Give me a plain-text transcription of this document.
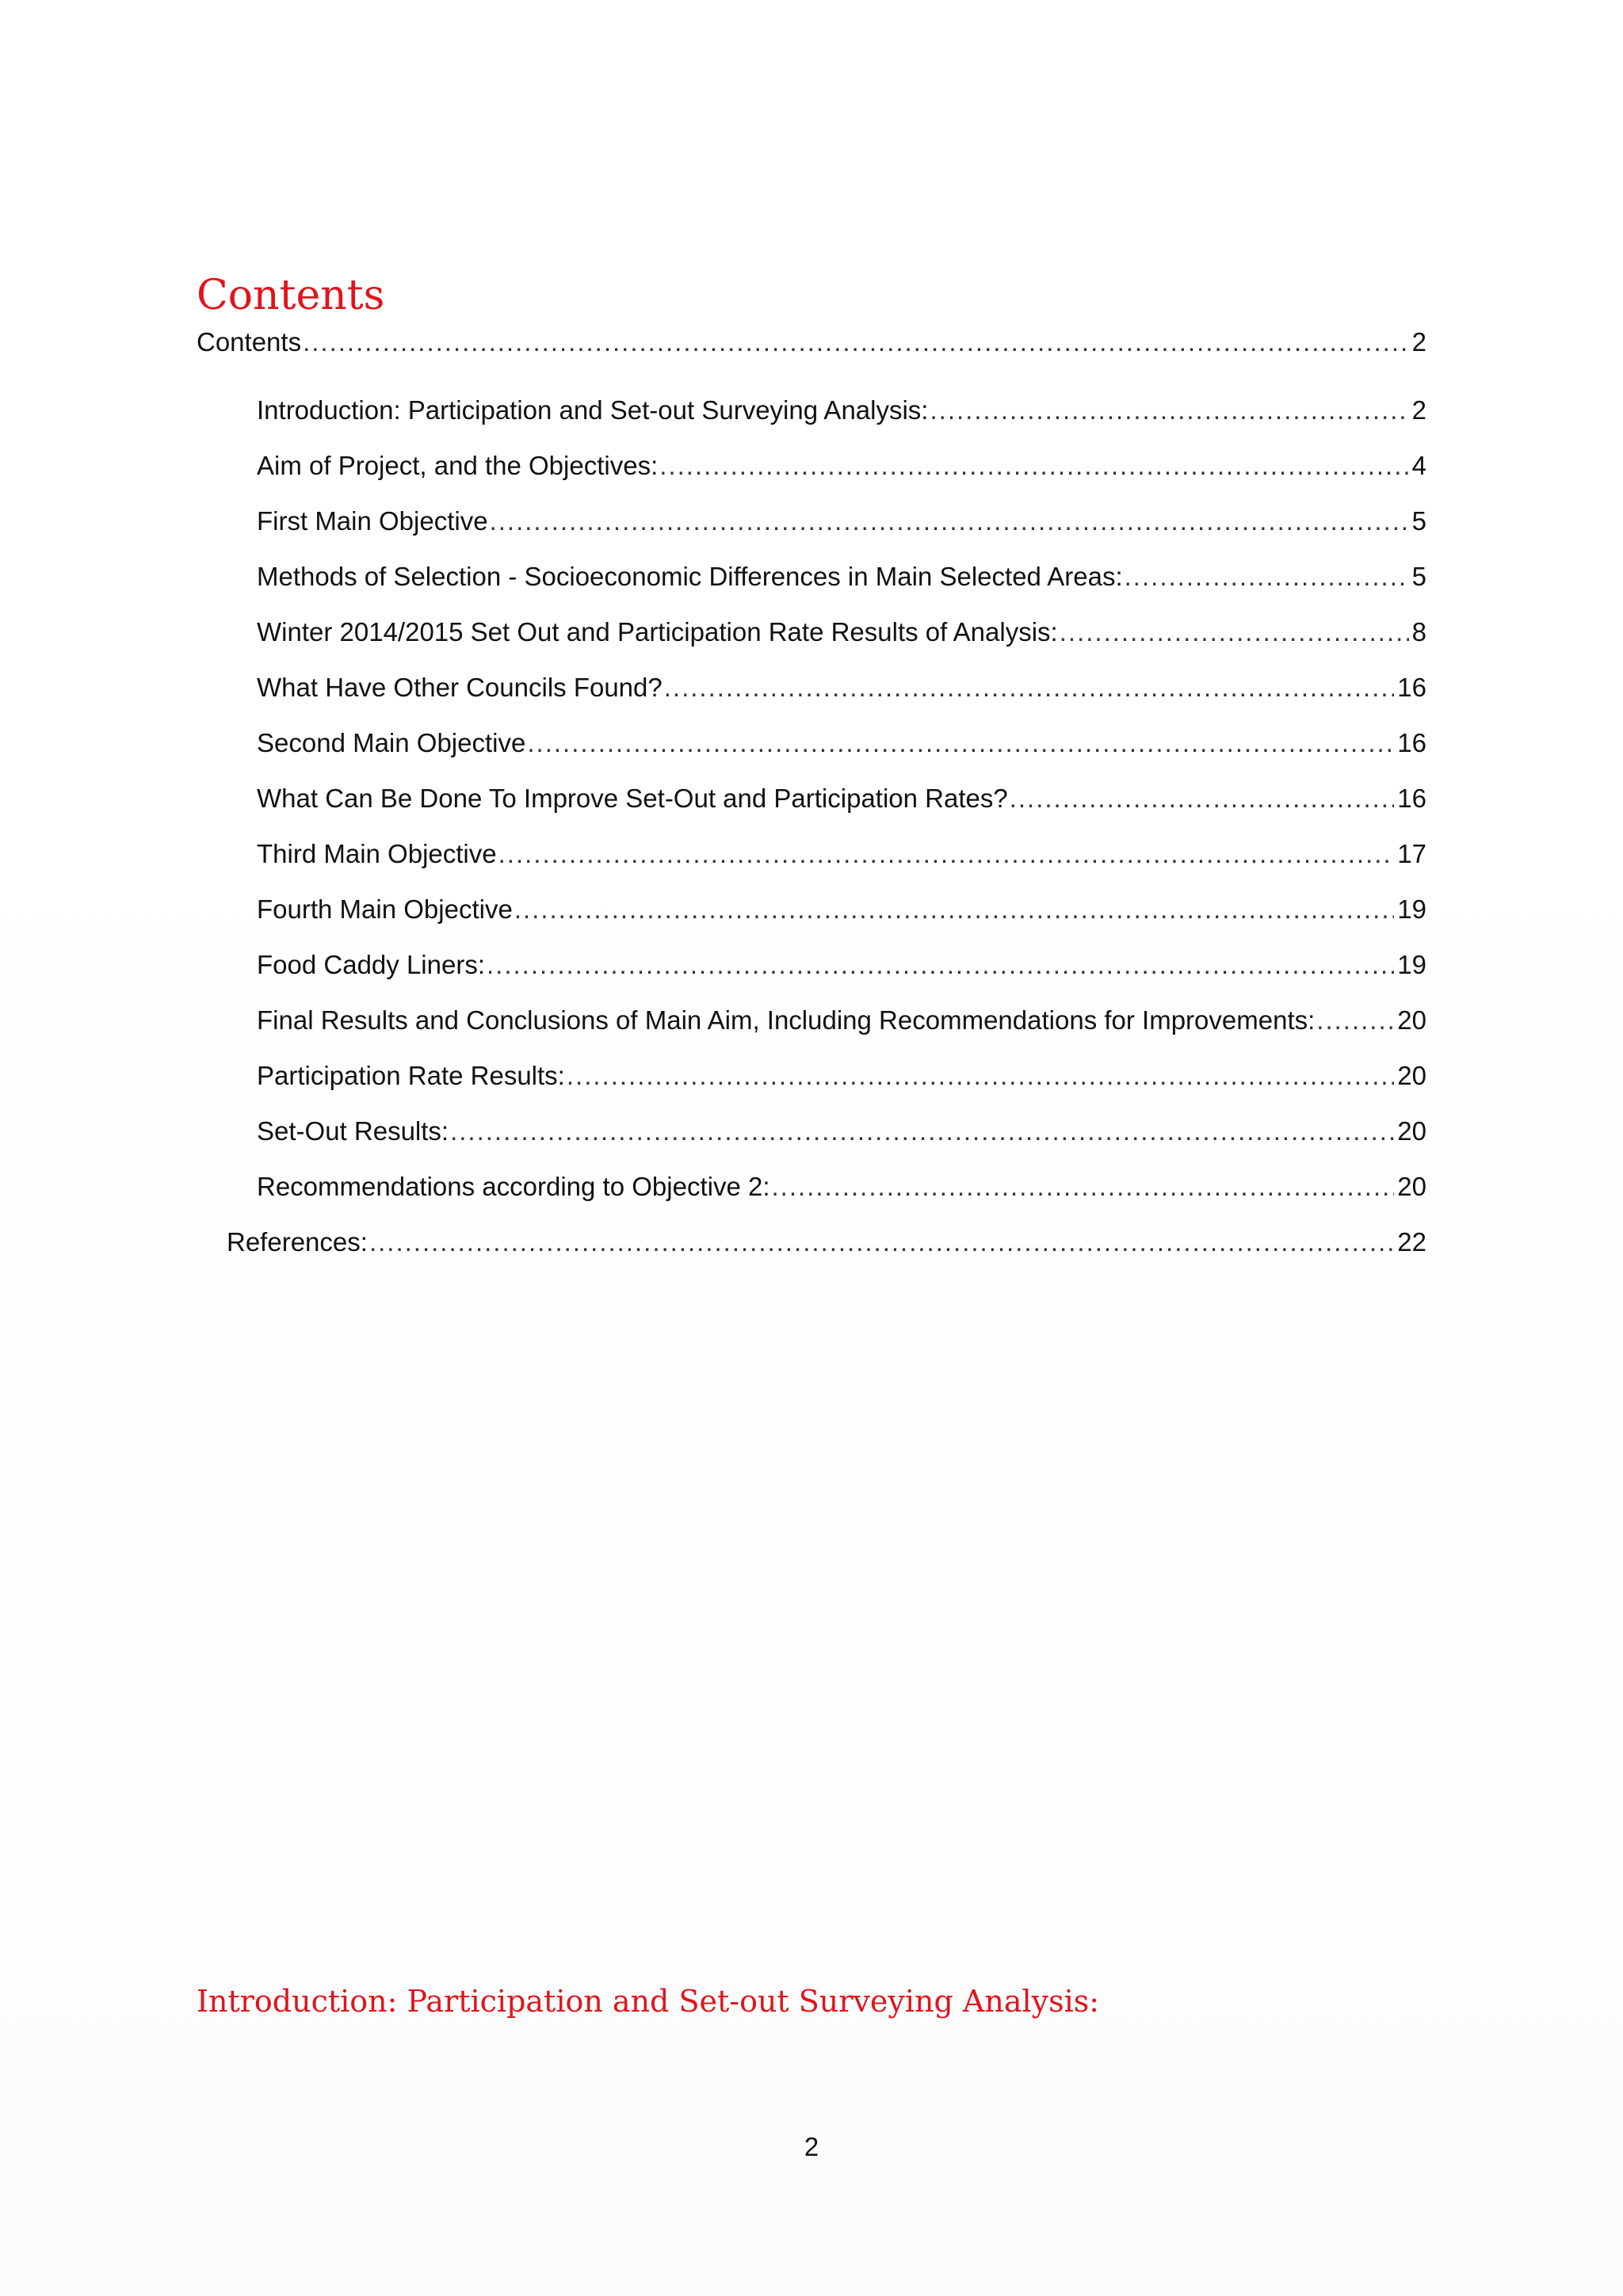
Contents
Contents .....	2
Introduction: Participation and Set-out Surveying Analysis: .....	2
Aim of Project, and the Objectives: .....	4
First Main Objective .....	5
Methods of Selection - Socioeconomic Differences in Main Selected Areas: .....	5
Winter 2014/2015 Set Out and Participation Rate Results of Analysis: .....	8
What Have Other Councils Found? .....	16
Second Main Objective .....	16
What Can Be Done To Improve Set-Out and Participation Rates? .....	16
Third Main Objective .....	17
Fourth Main Objective .....	19
Food Caddy Liners: .....	19
Final Results and Conclusions of Main Aim, Including Recommendations for Improvements: .....	20
Participation Rate Results: .....	20
Set-Out Results: .....	20
Recommendations according to Objective 2: .....	20
References: .....	22
Introduction: Participation and Set-out Surveying Analysis:
2
